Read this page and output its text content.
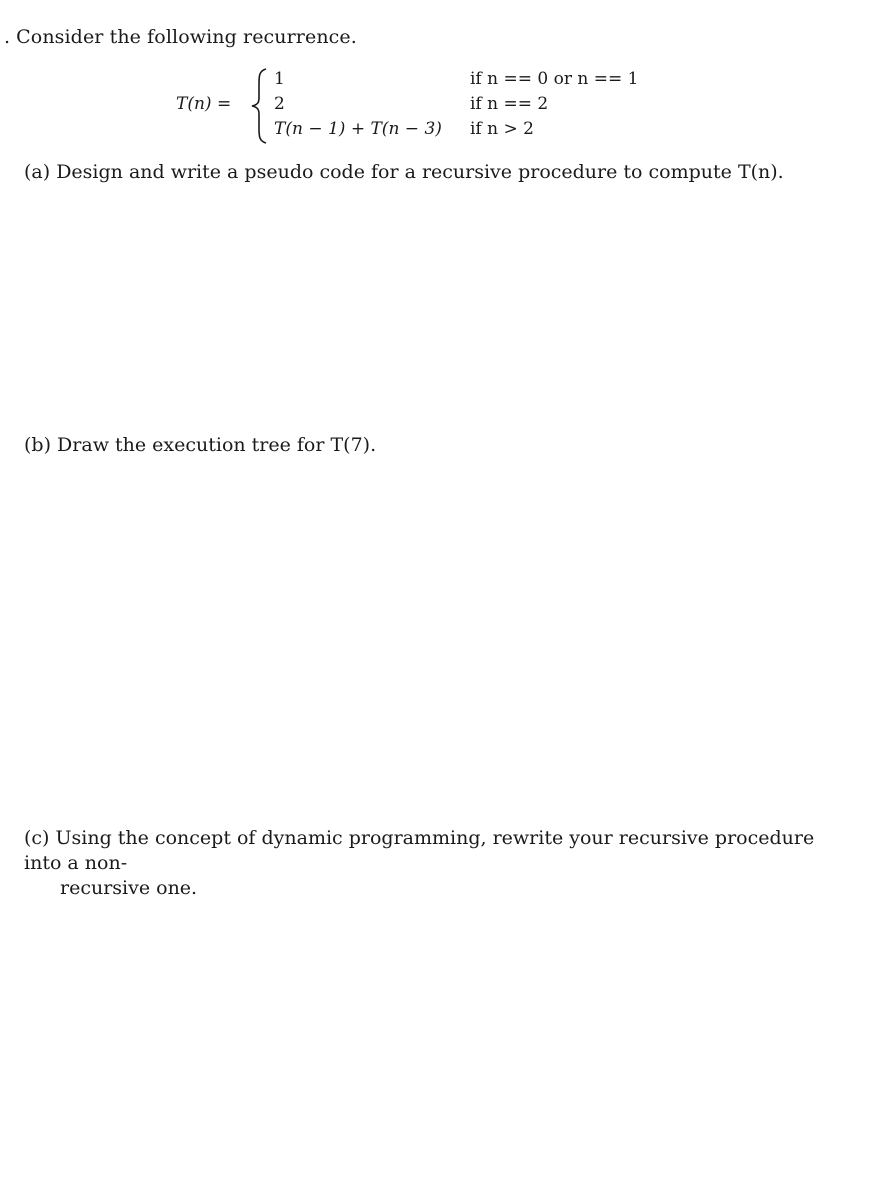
. Consider the following recurrence.
T(n) =
1	if n == 0 or n == 1
2	if n == 2
T(n − 1) + T(n − 3) if n > 2
(a) Design and write a pseudo code for a recursive procedure to compute T(n).
(b) Draw the execution tree for T(7).
(c) Using the concept of dynamic programming, rewrite your recursive procedure into a non-
recursive one.
